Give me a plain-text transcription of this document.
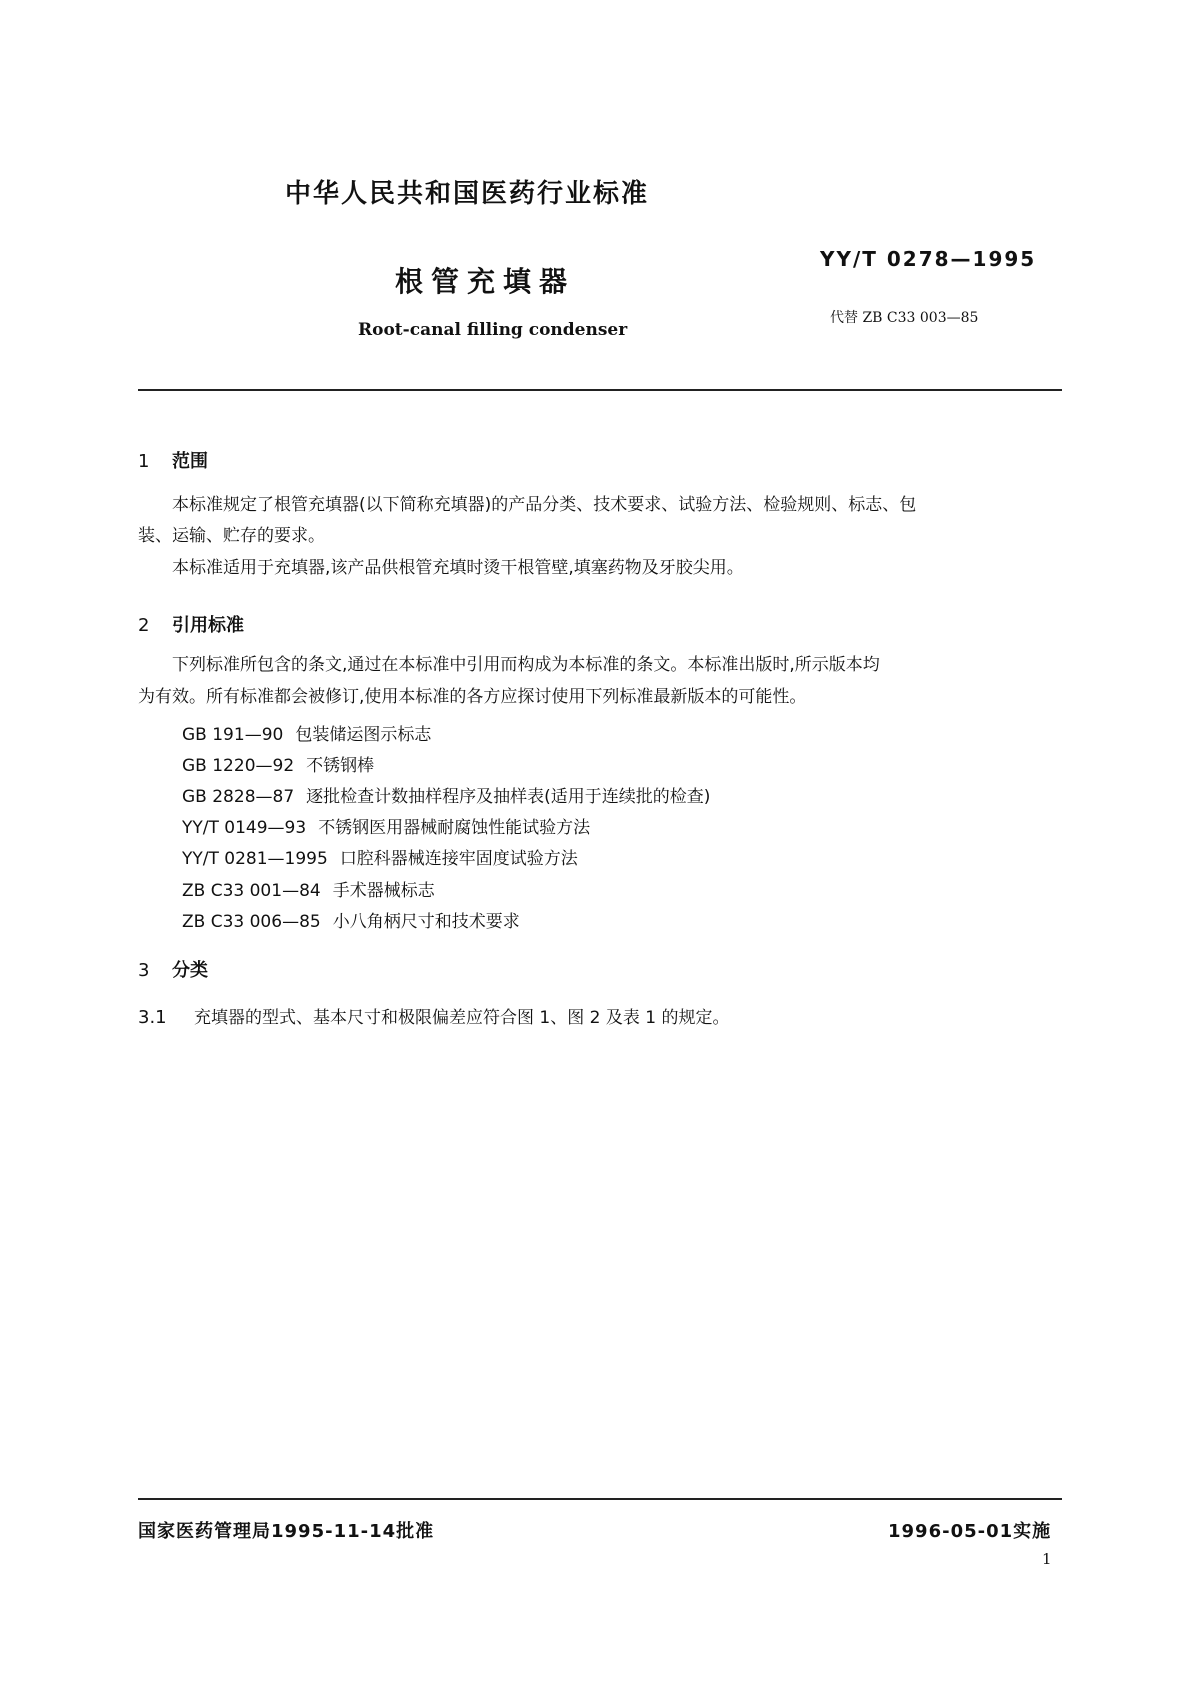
中华人民共和国医药行业标准
YY/T 0278—1995
根管充填器
代替 ZB C33 003—85
Root-canal filling condenser
1 范围
本标准规定了根管充填器(以下简称充填器)的产品分类、技术要求、试验方法、检验规则、标志、包
装、运输、贮存的要求。
本标准适用于充填器,该产品供根管充填时烫干根管壁,填塞药物及牙胶尖用。
2 引用标准
下列标准所包含的条文,通过在本标准中引用而构成为本标准的条文。本标准出版时,所示版本均
为有效。所有标准都会被修订,使用本标准的各方应探讨使用下列标准最新版本的可能性。
GB 191—90 包装储运图示标志
GB 1220—92 不锈钢棒
GB 2828—87 逐批检查计数抽样程序及抽样表(适用于连续批的检查)
YY/T 0149—93 不锈钢医用器械耐腐蚀性能试验方法
YY/T 0281—1995 口腔科器械连接牢固度试验方法
ZB C33 001—84 手术器械标志
ZB C33 006—85 小八角柄尺寸和技术要求
3 分类
3.1 充填器的型式、基本尺寸和极限偏差应符合图 1、图 2 及表 1 的规定。
国家医药管理局1995-11-14批准	1996-05-01实施
1
